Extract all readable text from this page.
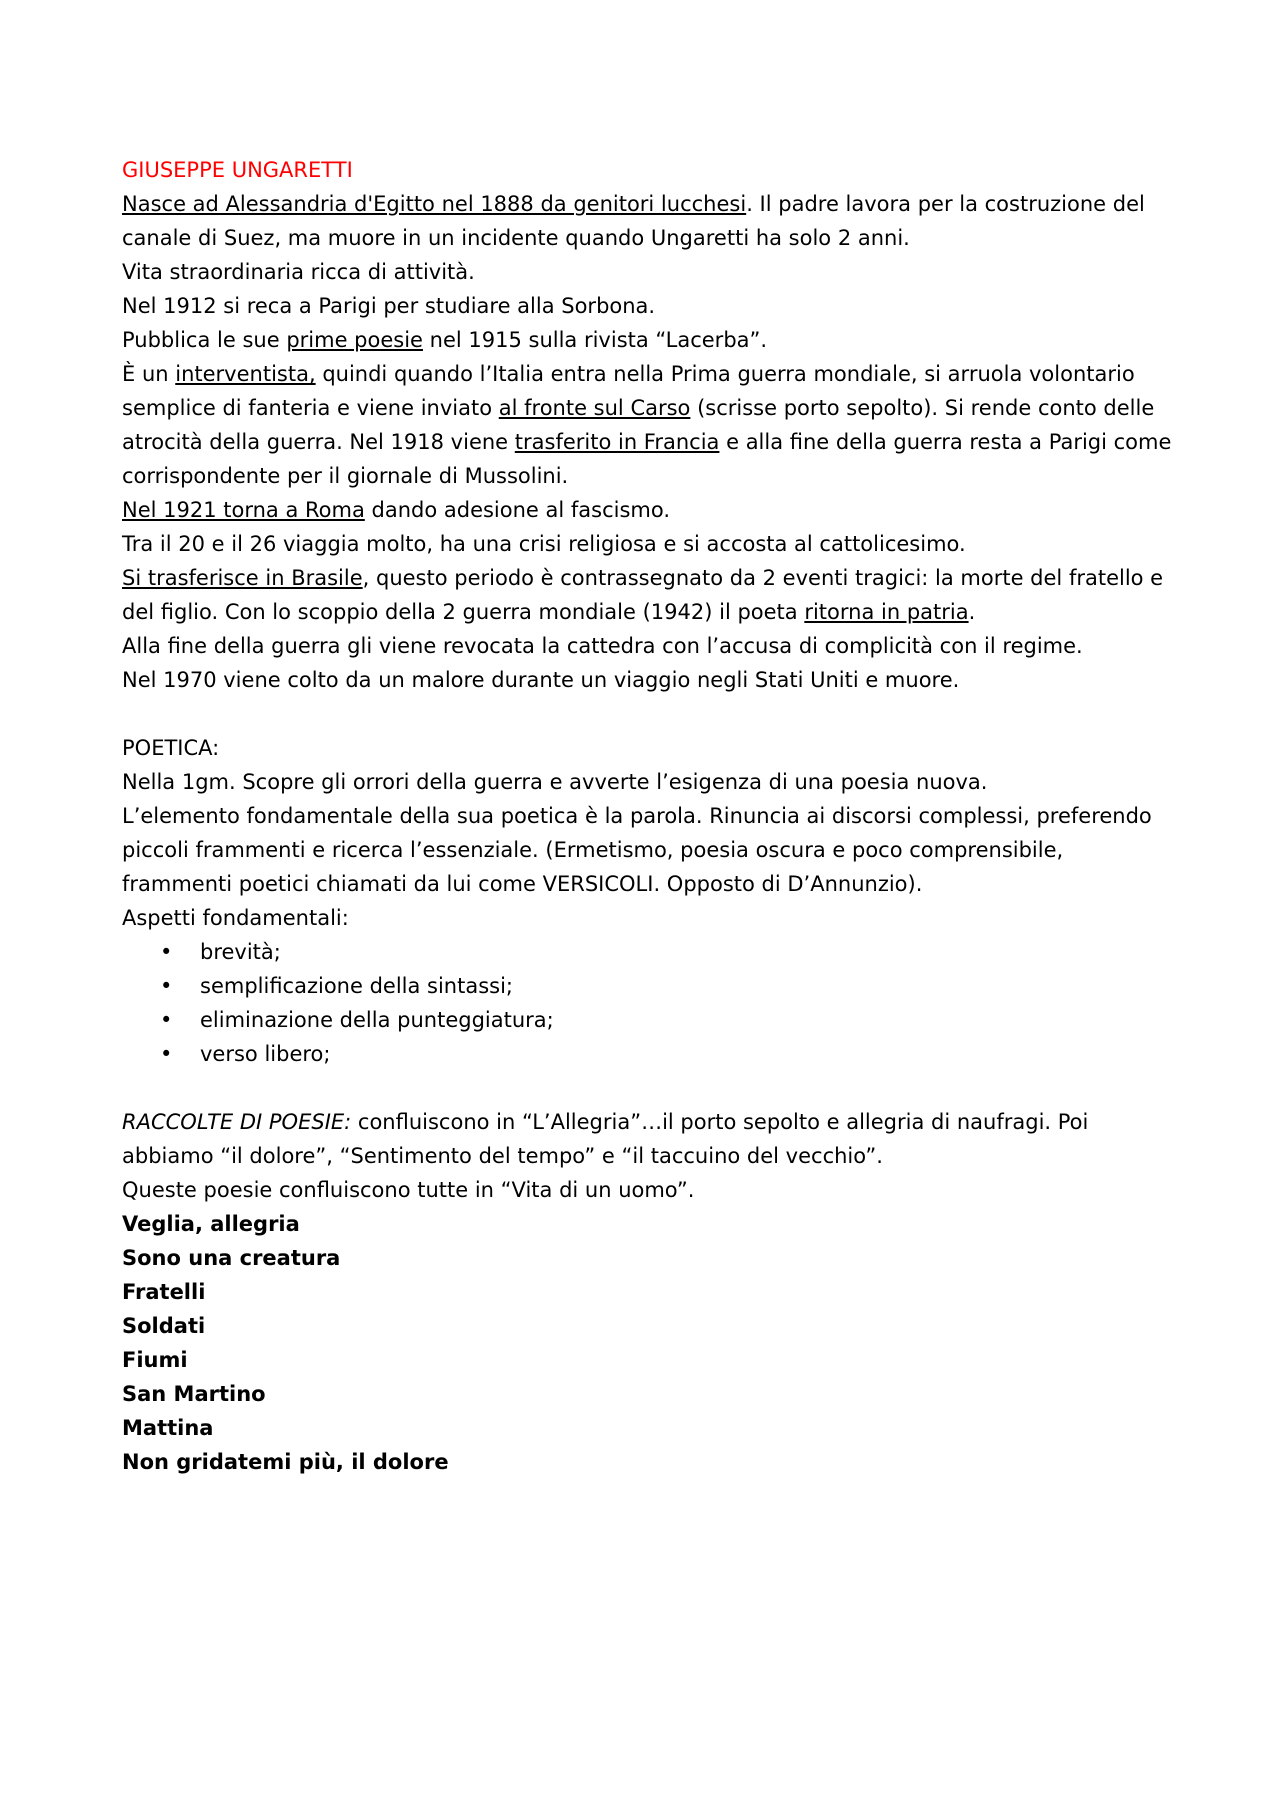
GIUSEPPE UNGARETTI
Nasce ad Alessandria d'Egitto nel 1888 da genitori lucchesi. Il padre lavora per la costruzione del
canale di Suez, ma muore in un incidente quando Ungaretti ha solo 2 anni.
Vita straordinaria ricca di attività.
Nel 1912 si reca a Parigi per studiare alla Sorbona.
Pubblica le sue prime poesie nel 1915 sulla rivista “Lacerba”.
È un interventista, quindi quando l’Italia entra nella Prima guerra mondiale, si arruola volontario
semplice di fanteria e viene inviato al fronte sul Carso (scrisse porto sepolto). Si rende conto delle
atrocità della guerra. Nel 1918 viene trasferito in Francia e alla fine della guerra resta a Parigi come
corrispondente per il giornale di Mussolini.
Nel 1921 torna a Roma dando adesione al fascismo.
Tra il 20 e il 26 viaggia molto, ha una crisi religiosa e si accosta al cattolicesimo.
Si trasferisce in Brasile, questo periodo è contrassegnato da 2 eventi tragici: la morte del fratello e
del figlio. Con lo scoppio della 2 guerra mondiale (1942) il poeta ritorna in patria.
Alla fine della guerra gli viene revocata la cattedra con l’accusa di complicità con il regime.
Nel 1970 viene colto da un malore durante un viaggio negli Stati Uniti e muore.
POETICA:
Nella 1gm. Scopre gli orrori della guerra e avverte l’esigenza di una poesia nuova.
L’elemento fondamentale della sua poetica è la parola. Rinuncia ai discorsi complessi, preferendo
piccoli frammenti e ricerca l’essenziale. (Ermetismo, poesia oscura e poco comprensibile,
frammenti poetici chiamati da lui come VERSICOLI. Opposto di D’Annunzio).
Aspetti fondamentali:
• brevità;
• semplificazione della sintassi;
• eliminazione della punteggiatura;
• verso libero;
RACCOLTE DI POESIE: confluiscono in “L’Allegria”…il porto sepolto e allegria di naufragi. Poi
abbiamo “il dolore”, “Sentimento del tempo” e “il taccuino del vecchio”.
Queste poesie confluiscono tutte in “Vita di un uomo”.
Veglia, allegria
Sono una creatura
Fratelli
Soldati
Fiumi
San Martino
Mattina
Non gridatemi più, il dolore
